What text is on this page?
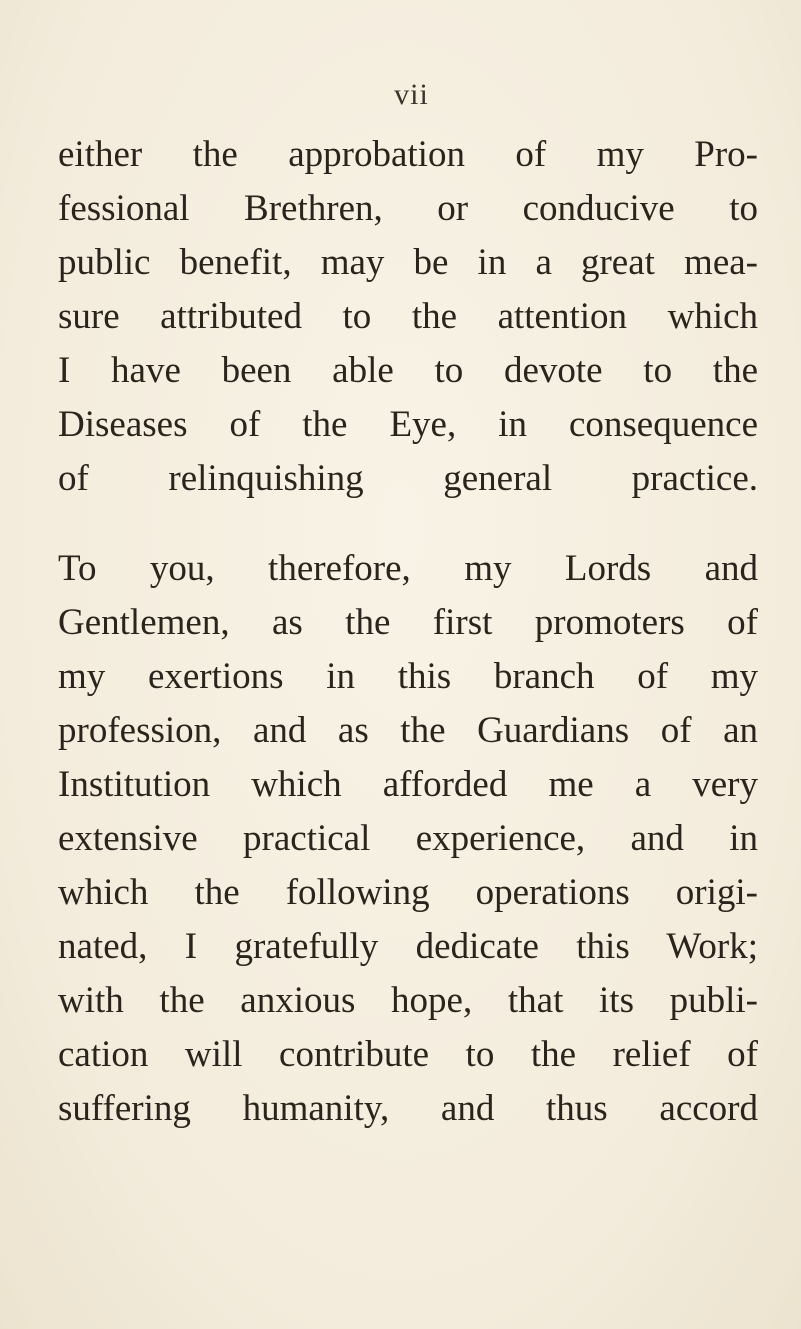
vii
either the approbation of my Pro-
fessional Brethren, or conducive to
public benefit, may be in a great mea-
sure attributed to the attention which
I have been able to devote to the
Diseases of the Eye, in consequence
of relinquishing general practice.
To you, therefore, my Lords and
Gentlemen, as the first promoters of
my exertions in this branch of my
profession, and as the Guardians of an
Institution which afforded me a very
extensive practical experience, and in
which the following operations origi-
nated, I gratefully dedicate this Work;
with the anxious hope, that its publi-
cation will contribute to the relief of
suffering humanity, and thus accord
